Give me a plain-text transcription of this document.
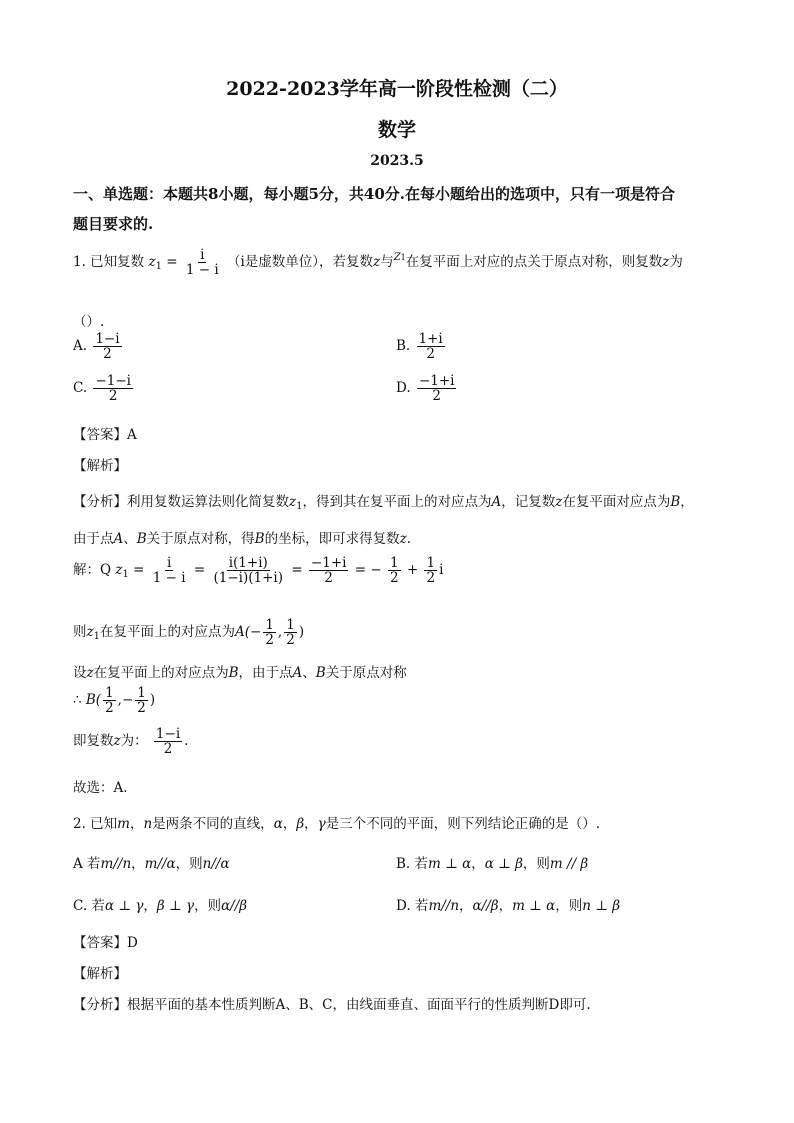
2022-2023学年高一阶段性检测（二）
数学
2023.5
一、单选题：本题共8小题，每小题5分，共40分.在每小题给出的选项中，只有一项是符合
题目要求的.
1. 已知复数 $z_1 = \frac{i}{1 - i} (i$是虚数单位），若复数z与$^{Z1}$在复平面上对应的点关于原点对称，则复数z为
（）.
A. $\frac{1-i}{2}$	B. $\frac{1+i}{2}$
C. $\frac{-1-i}{2}$	D. $\frac{-1+i}{2}$
【答案】A
【解析】
【分析】利用复数运算法则化简复数$z_1$，得到其在复平面上的对应点为A，记复数z在复平面对应点为B，
由于点A、B关于原点对称，得B的坐标，即可求得复数z.
解：Q $z_1 = \frac{i}{1 - i} = \frac{i(1+i)}{(1-i)(1+i)} = \frac{-1+i}{2}$ = − $\frac{1}{2} + \frac{1}{2}$ i
则$z_1$在复平面上的对应点为$A(- \frac{1}{2}$ , $\frac{1}{2}$ )
设z在复平面上的对应点为B，由于点A、B关于原点对称
∴ $B( \frac{1}{2}$ ,− $\frac{1}{2}$ )
即复数z为： $\frac{1-i}{2}$ .
故选：A.
2. 已知m，n是两条不同的直线，α，β，γ是三个不同的平面，则下列结论正确的是（）.
A 若m//n，m//α，则n//α	B. 若m ⊥ α，α ⊥ β，则m // β
C. 若α ⊥ γ，β ⊥ γ，则α//β	D. 若m//n，α//β，m ⊥ α，则n ⊥ β
【答案】D
【解析】
【分析】根据平面的基本性质判断A、B、C，由线面垂直、面面平行的性质判断D即可.
